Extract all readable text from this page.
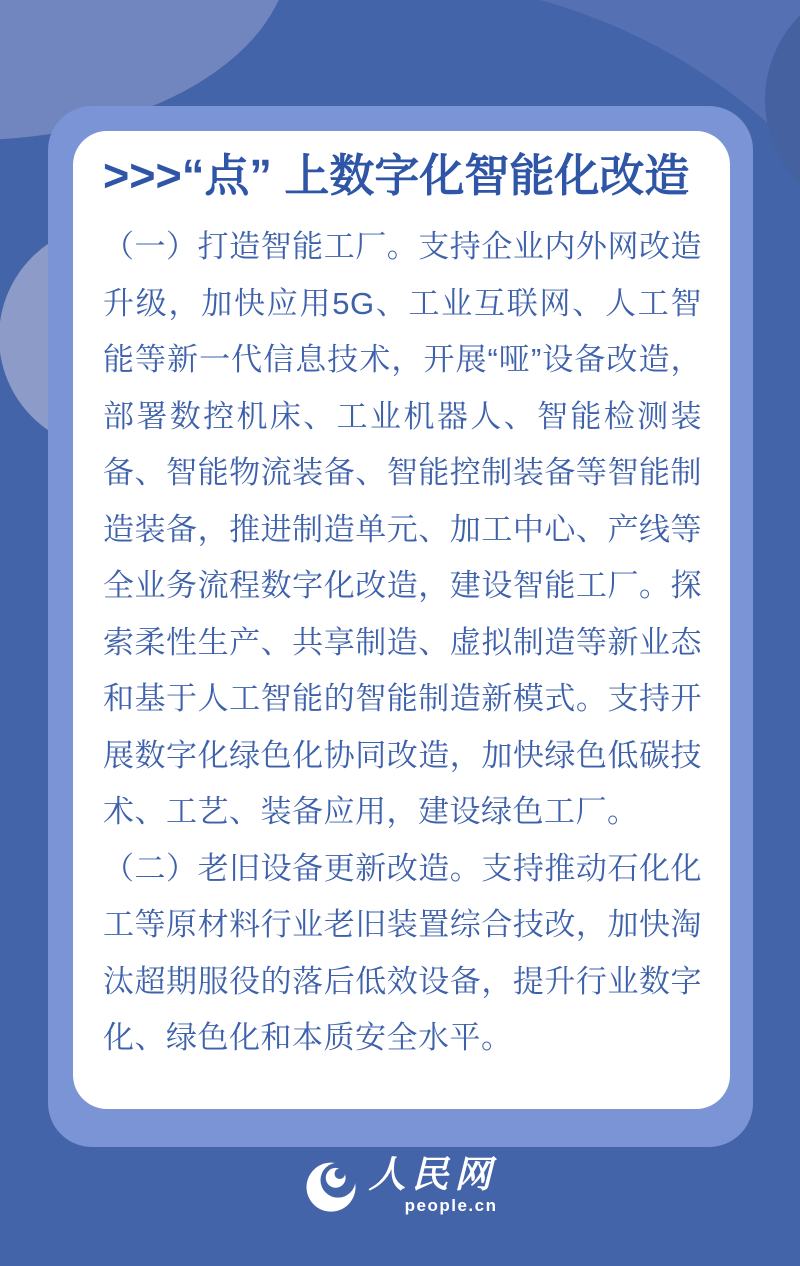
>>>“点” 上数字化智能化改造

（一）打造智能工厂。支持企业内外网改造升级，加快应用5G、工业互联网、人工智能等新一代信息技术，开展“哑”设备改造，部署数控机床、工业机器人、智能检测装备、智能物流装备、智能控制装备等智能制造装备，推进制造单元、加工中心、产线等全业务流程数字化改造，建设智能工厂。探索柔性生产、共享制造、虚拟制造等新业态和基于人工智能的智能制造新模式。支持开展数字化绿色化协同改造，加快绿色低碳技术、工艺、装备应用，建设绿色工厂。

（二）老旧设备更新改造。支持推动石化化工等原材料行业老旧装置综合技改，加快淘汰超期服役的落后低效设备，提升行业数字化、绿色化和本质安全水平。

人民网
people.cn
